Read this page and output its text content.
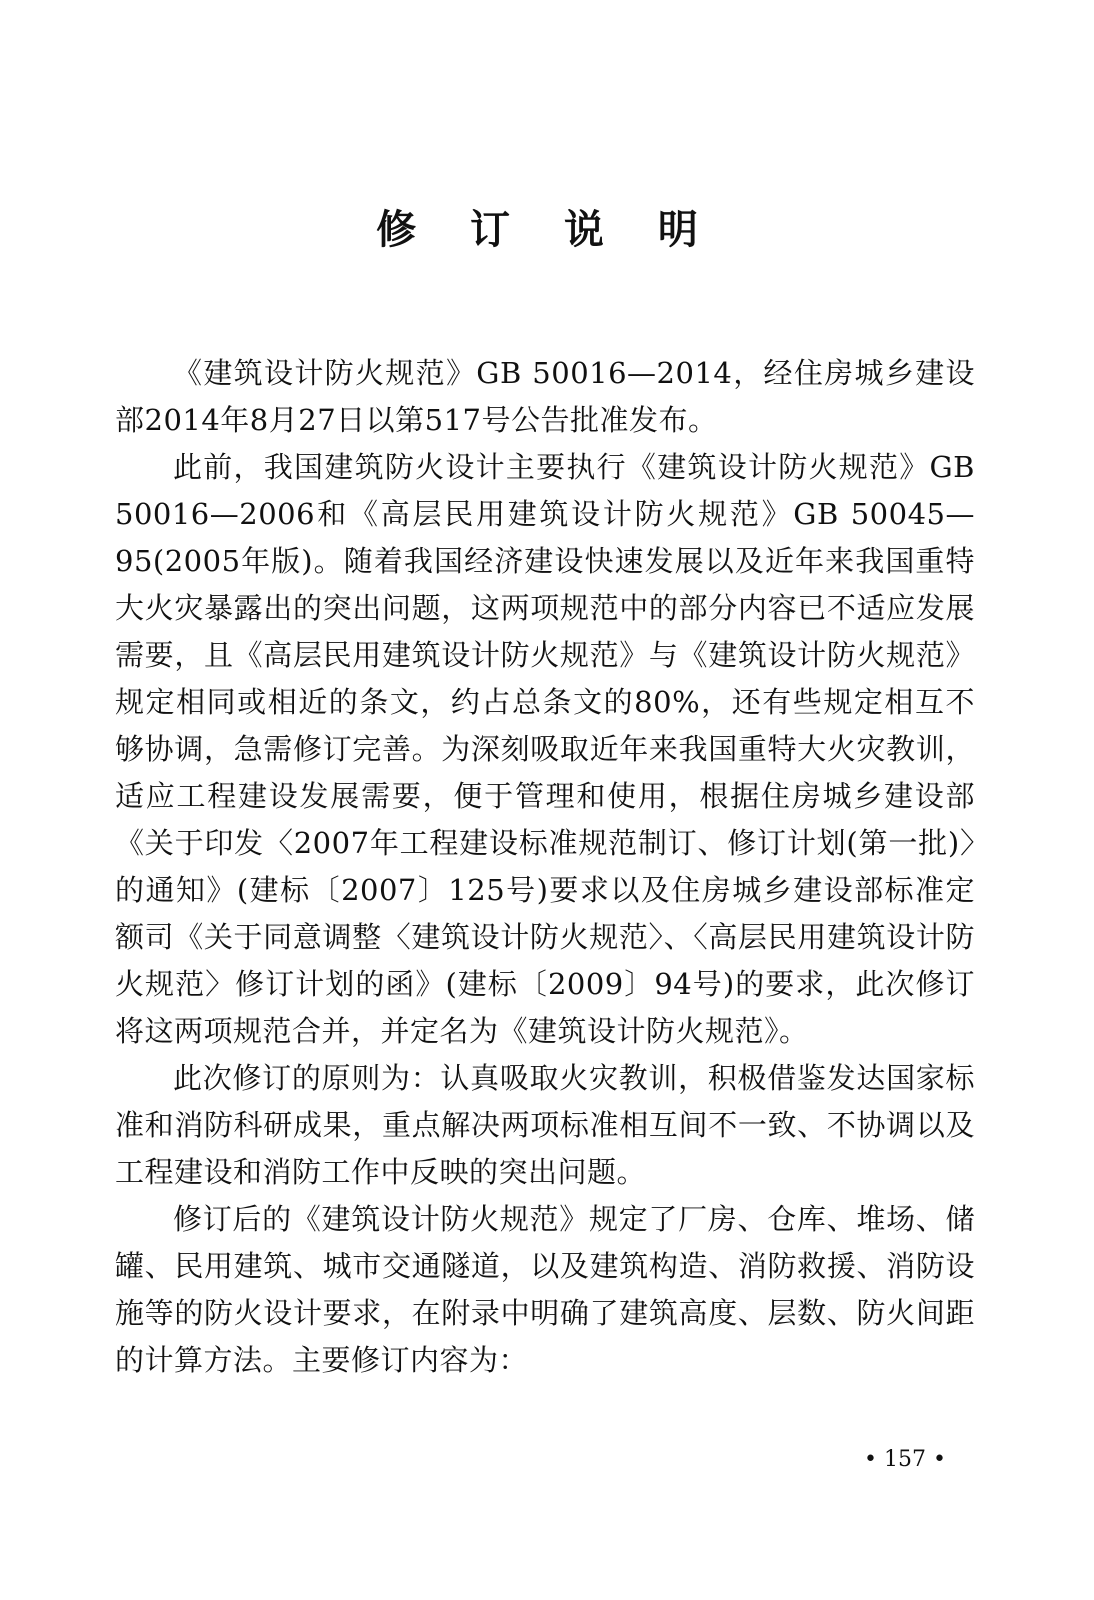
修 订 说 明

《建筑设计防火规范》GB 50016—2014，经住房城乡建设部2014年8月27日以第517号公告批准发布。

此前，我国建筑防火设计主要执行《建筑设计防火规范》GB 50016—2006和《高层民用建筑设计防火规范》GB 50045—95(2005年版)。随着我国经济建设快速发展以及近年来我国重特大火灾暴露出的突出问题，这两项规范中的部分内容已不适应发展需要，且《高层民用建筑设计防火规范》与《建筑设计防火规范》规定相同或相近的条文，约占总条文的80%，还有些规定相互不够协调，急需修订完善。为深刻吸取近年来我国重特大火灾教训，适应工程建设发展需要，便于管理和使用，根据住房城乡建设部《关于印发〈2007年工程建设标准规范制订、修订计划(第一批)〉的通知》(建标〔2007〕125号)要求以及住房城乡建设部标准定额司《关于同意调整〈建筑设计防火规范〉、〈高层民用建筑设计防火规范〉修订计划的函》(建标〔2009〕94号)的要求，此次修订将这两项规范合并，并定名为《建筑设计防火规范》。

此次修订的原则为：认真吸取火灾教训，积极借鉴发达国家标准和消防科研成果，重点解决两项标准相互间不一致、不协调以及工程建设和消防工作中反映的突出问题。

修订后的《建筑设计防火规范》规定了厂房、仓库、堆场、储罐、民用建筑、城市交通隧道，以及建筑构造、消防救援、消防设施等的防火设计要求，在附录中明确了建筑高度、层数、防火间距的计算方法。主要修订内容为：

• 157 •
